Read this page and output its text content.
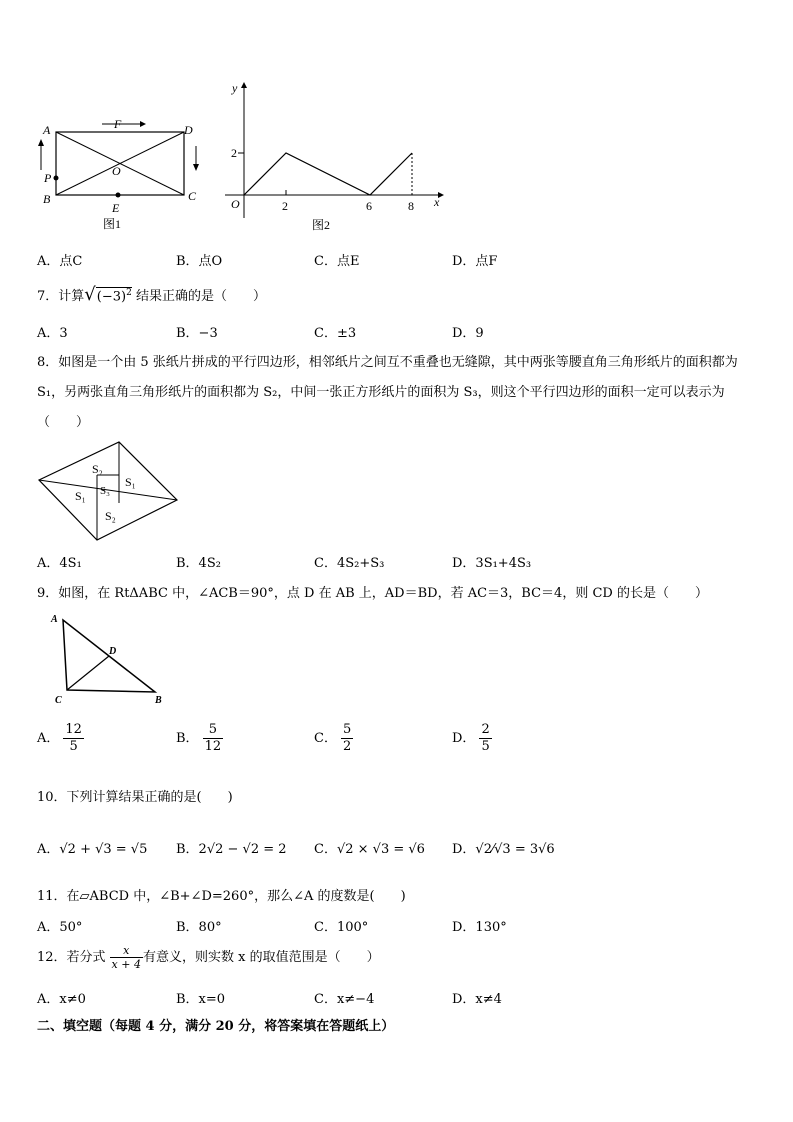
A
B	C
D
E
F
O
P
图1
y
x
O
2
2	6	8
图2
A．点C	B．点O	C．点E	D．点F
7．计算$√(-3)^2$ 结果正确的是（　　）
A．3	B．−3	C．±3	D．9
8．如图是一个由 5 张纸片拼成的平行四边形，相邻纸片之间互不重叠也无缝隙，其中两张等腰直角三角形纸片的面积都为 S₁，另两张直角三角形纸片的面积都为 S₂，中间一张正方形纸片的面积为 S₃，则这个平行四边形的面积一定可以表示为（　　）
S₂
S₁ S₃
S₁
S₂
A．4S₁	B．4S₂	C．4S₂+S₃	D．3S₁+4S₃
9．如图，在 RtΔABC 中，∠ACB＝90°，点 D 在 AB 上，AD＝BD，若 AC＝3，BC＝4，则 CD 的长是（　　）
A
C	B
D
A． $\frac{12}{5}$	B． $\frac{5}{12}$	C． $\frac{5}{2}$	D． $\frac{2}{5}$
10．下列计算结果正确的是(　　)
A．√2 + √3 = √5 B．2√2 − √2 = 2 C．√2 × √3 = √6 D．√2⁄√3 = 3√6
11．在▱ABCD 中，∠B+∠D=260°，那么∠A 的度数是(　　)
A．50°	B．80°	C．100°	D．130°
12．若分式 $\frac{x}{x + 4}$ 有意义，则实数 x 的取值范围是（　　）
A．x≠0	B．x=0	C．x≠−4	D．x≠4
二、填空题（每题 4 分，满分 20 分，将答案填在答题纸上）
